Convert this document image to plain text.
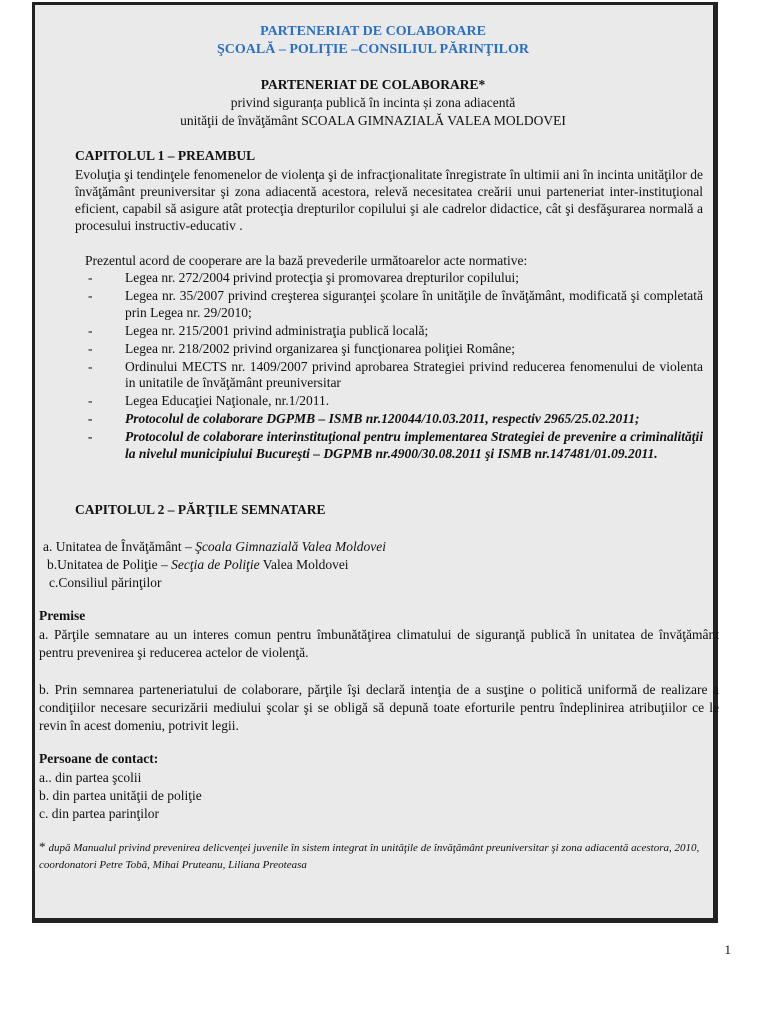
PARTENERIAT DE COLABORARE

ŞCOALĂ – POLIŢIE –CONSILIUL PĂRINŢILOR

PARTENERIAT DE COLABORARE*

privind siguranța publică în incinta și zona adiacentă

unităţii de învăţământ SCOALA GIMNAZIALĂ VALEA MOLDOVEI

CAPITOLUL 1 – PREAMBUL

Evoluţia şi tendinţele fenomenelor de violenţa şi de infracţionalitate înregistrate în ultimii ani în incinta unităţilor de învăţământ preuniversitar şi zona adiacentă acestora, relevă necesitatea creării unui parteneriat inter-instituţional eficient, capabil să asigure atât protecţia drepturilor copilului şi ale cadrelor didactice, cât şi desfăşurarea normală a procesului instructiv-educativ .

Prezentul acord de cooperare are la bază prevederile următoarelor acte normative:

- Legea nr. 272/2004 privind protecţia şi promovarea drepturilor copilului;
- Legea nr. 35/2007 privind creşterea siguranţei şcolare în unităţile de învăţământ, modificată şi completată prin Legea nr. 29/2010;
- Legea nr. 215/2001 privind administraţia publică locală;
- Legea nr. 218/2002 privind organizarea şi funcţionarea poliţiei Române;
- Ordinului MECTS nr. 1409/2007 privind aprobarea Strategiei privind reducerea fenomenului de violenta in unitatile de învăţământ preuniversitar
- Legea Educaţiei Naţionale, nr.1/2011.
- Protocolul de colaborare DGPMB – ISMB nr.120044/10.03.2011, respectiv 2965/25.02.2011;
- Protocolul de colaborare interinstituţional pentru implementarea Strategiei de prevenire a criminalităţii la nivelul municipiului Bucureşti – DGPMB nr.4900/30.08.2011 şi ISMB nr.147481/01.09.2011.

CAPITOLUL 2 – PĂRŢILE SEMNATARE

a. Unitatea de Învăţământ – Şcoala Gimnazială Valea Moldovei

b.Unitatea de Poliţie – Secţia de Poliţie Valea Moldovei

c.Consiliul părinţilor

Premise

a. Părţile semnatare au un interes comun pentru îmbunătăţirea climatului de siguranţă publică în unitatea de învăţământ pentru prevenirea şi reducerea actelor de violenţă.

b. Prin semnarea parteneriatului de colaborare, părţile îşi declară intenţia de a susţine o politică uniformă de realizare a condiţiilor necesare securizării mediului şcolar şi se obligă să depună toate eforturile pentru îndeplinirea atribuţiilor ce le revin în acest domeniu, potrivit legii.

Persoane de contact:

a.. din partea şcolii

b. din partea unităţii de poliţie

c. din partea parinţilor

* după Manualul privind prevenirea delicvenţei juvenile în sistem integrat în unităţile de învăţământ preuniversitar şi zona adiacentă acestora, 2010, coordonatori Petre Tobă, Mihai Pruteanu, Liliana Preoteasa

1
